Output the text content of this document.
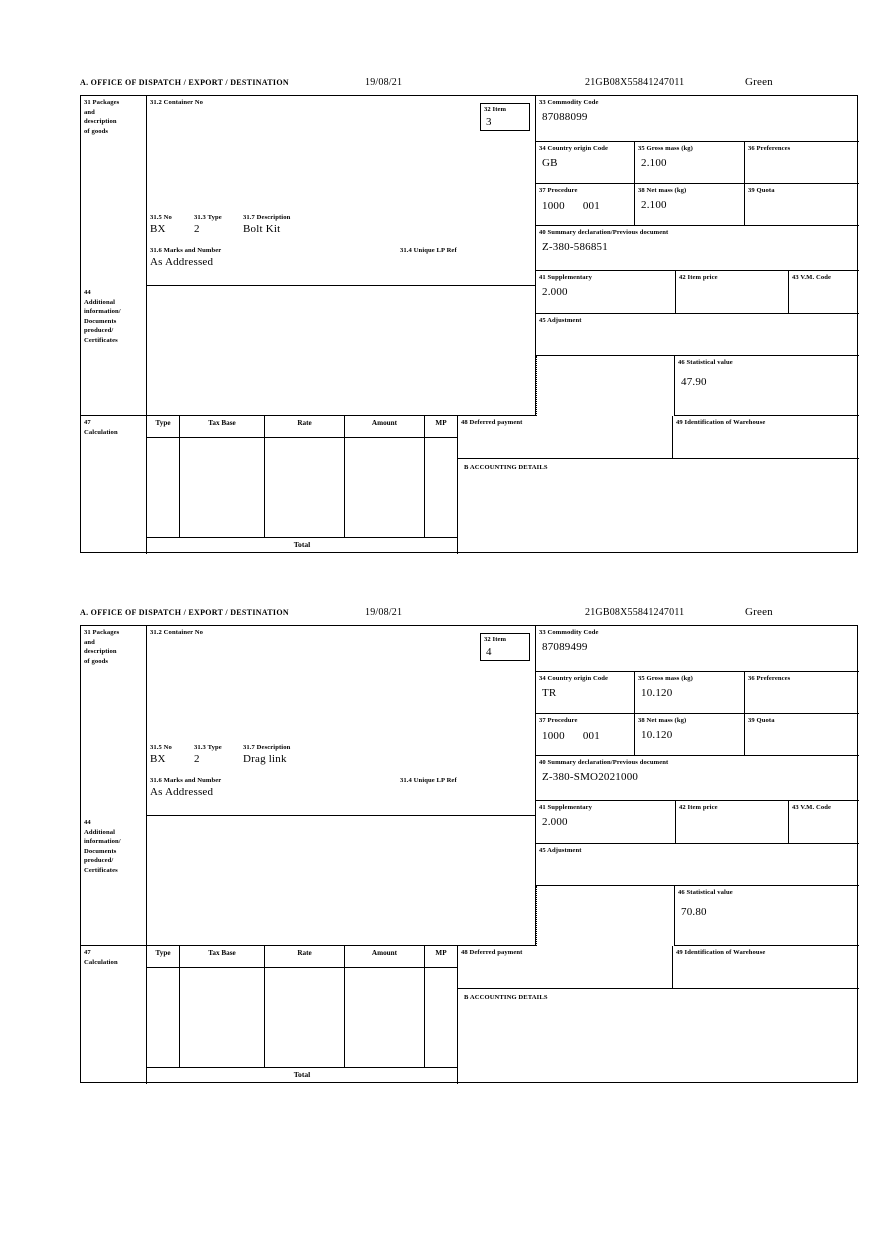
A. OFFICE OF DISPATCH / EXPORT / DESTINATION	19/08/21	21GB08X55841247011	Green
31 Packages
and
description
of goods
31.2 Container No
31.5 No	31.3 Type	31.7 Description
BX	2	Bolt Kit
31.6 Marks and Number	31.4 Unique LP Ref
As Addressed
32 Item
3
33 Commodity Code
87088099
34 Country origin Code
GB
35 Gross mass (kg)
2.100
36 Preferences
37 Procedure
1000 001
38 Net mass (kg)
2.100
39 Quota
40 Summary declaration/Previous document
Z-380-586851
41 Supplementary
2.000
42 Item price	43 V.M. Code
44
Additional
information/
Documents
produced/
Certificates
45 Adjustment
46 Statistical value
47.90
47
Calculation
Type	Tax Base	Rate	Amount	MP
Total
48 Deferred payment	49 Identification of Warehouse
B ACCOUNTING DETAILS
A. OFFICE OF DISPATCH / EXPORT / DESTINATION	19/08/21	21GB08X55841247011	Green
31 Packages
and
description
of goods
31.2 Container No
31.5 No	31.3 Type	31.7 Description
BX	2	Drag link
31.6 Marks and Number	31.4 Unique LP Ref
As Addressed
32 Item
4
33 Commodity Code
87089499
34 Country origin Code
TR
35 Gross mass (kg)
10.120
36 Preferences
37 Procedure
1000 001
38 Net mass (kg)
10.120
39 Quota
40 Summary declaration/Previous document
Z-380-SMO2021000
41 Supplementary
2.000
42 Item price	43 V.M. Code
44
Additional
information/
Documents
produced/
Certificates
45 Adjustment
46 Statistical value
70.80
47
Calculation
Type	Tax Base	Rate	Amount	MP
Total
48 Deferred payment	49 Identification of Warehouse
B ACCOUNTING DETAILS
